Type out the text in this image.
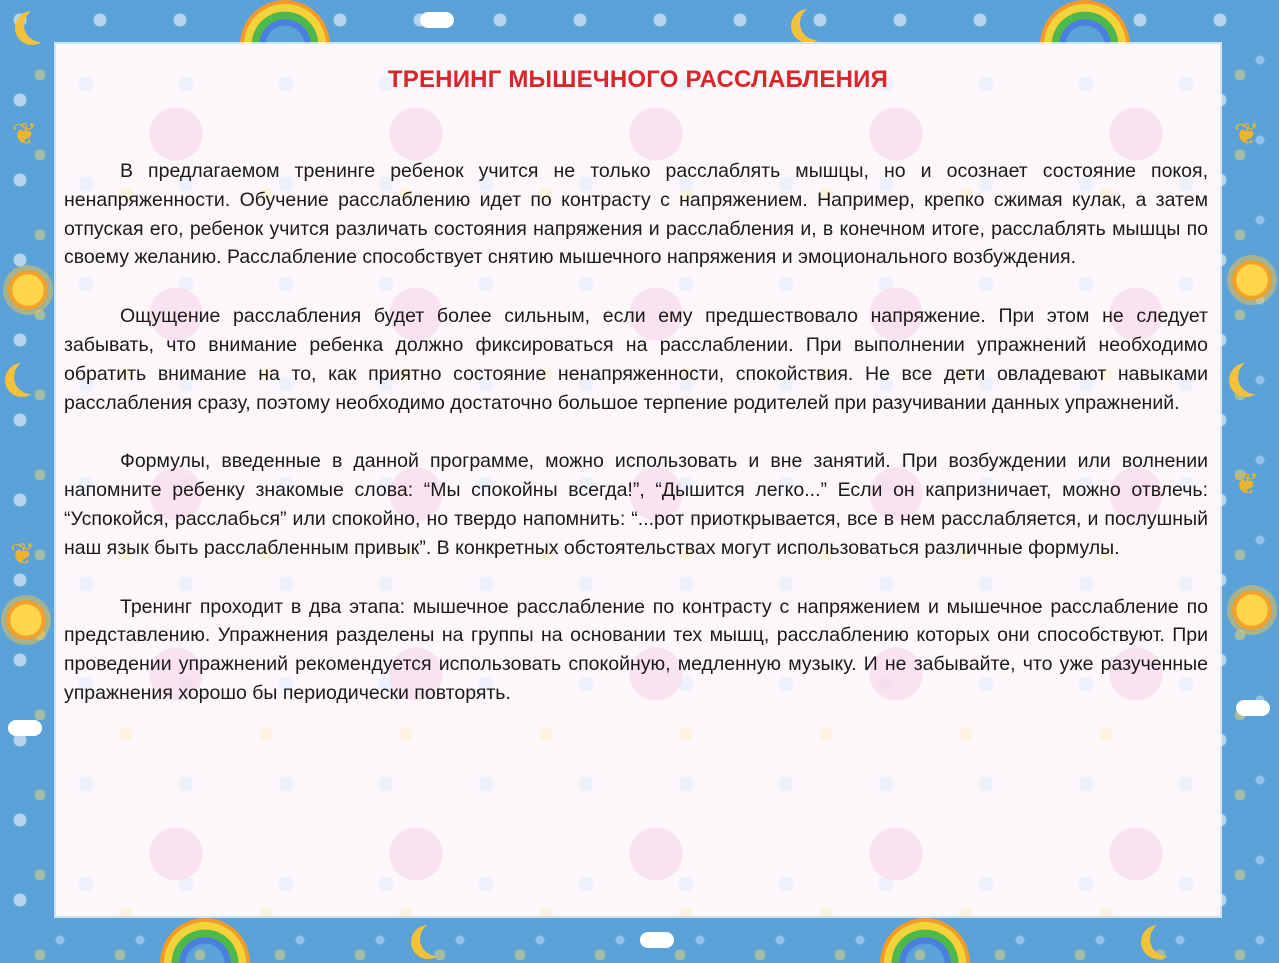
❦
❦
❦
❦
ТРЕНИНГ МЫШЕЧНОГО РАССЛАБЛЕНИЯ

В предлагаемом тренинге ребенок учится не только расслаблять мышцы, но и осознает состояние покоя, ненапряженности. Обучение расслаблению идет по контрасту с напряжением. Например, крепко сжимая кулак, а затем отпуская его, ребенок учится различать состояния напряжения и расслабления и, в конечном итоге, расслаблять мышцы по своему желанию. Расслабление способствует снятию мышечного напряжения и эмоционального возбуждения.

Ощущение расслабления будет более сильным, если ему предшествовало напряжение. При этом не следует забывать, что внимание ребенка должно фиксироваться на расслаблении. При выполнении упражнений необходимо обратить внимание на то, как приятно состояние ненапряженности, спокойствия. Не все дети овладевают навыками расслабления сразу, поэтому необходимо достаточно большое терпение родителей при разучивании данных упражнений.

Формулы, введенные в данной программе, можно использовать и вне занятий. При возбуждении или волнении напомните ребенку знакомые слова: “Мы спокойны всегда!”, “Дышится легко...” Если он капризничает, можно отвлечь: “Успокойся, расслабься” или спокойно, но твердо напомнить: “...рот приоткрывается, все в нем расслабляется, и послушный наш язык быть расслабленным привык”. В конкретных обстоятельствах могут использоваться различные формулы.

Тренинг проходит в два этапа: мышечное расслабление по контрасту с напряжением и мышечное расслабление по представлению. Упражнения разделены на группы на основании тех мышц, расслаблению которых они способствуют. При проведении упражнений рекомендуется использовать спокойную, медленную музыку. И не забывайте, что уже разученные упражнения хорошо бы периодически повторять.
